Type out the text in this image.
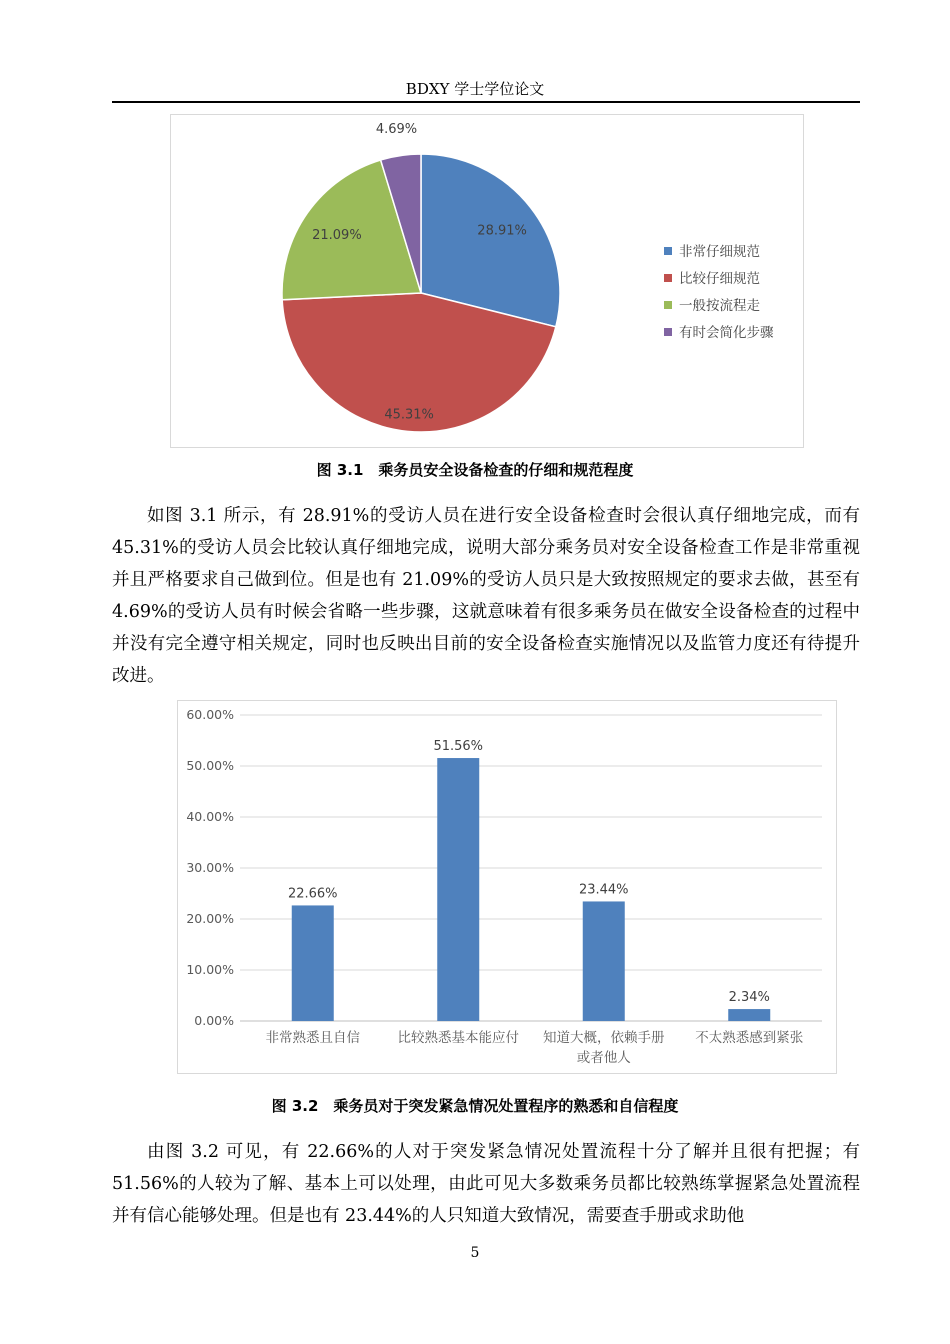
BDXY 学士学位论文
28.91%
45.31%
21.09%
4.69%
非常仔细规范
比较仔细规范
一般按流程走
有时会简化步骤
图 3.1　乘务员安全设备检查的仔细和规范程度

如图 3.1 所示，有 28.91%的受访人员在进行安全设备检查时会很认真仔细地完成，而有 45.31%的受访人员会比较认真仔细地完成，说明大部分乘务员对安全设备检查工作是非常重视并且严格要求自己做到位。但是也有 21.09%的受访人员只是大致按照规定的要求去做，甚至有 4.69%的受访人员有时候会省略一些步骤，这就意味着有很多乘务员在做安全设备检查的过程中并没有完全遵守相关规定，同时也反映出目前的安全设备检查实施情况以及监管力度还有待提升改进。

0.00%
10.00%
20.00%
30.00%
40.00%
50.00%
60.00%
22.66%
非常熟悉且自信
51.56%
比较熟悉基本能应付
23.44%
知道大概，依赖手册
或者他人
2.34%
不太熟悉感到紧张
图 3.2　乘务员对于突发紧急情况处置程序的熟悉和自信程度

由图 3.2 可见，有 22.66%的人对于突发紧急情况处置流程十分了解并且很有把握；有 51.56%的人较为了解、基本上可以处理，由此可见大多数乘务员都比较熟练掌握紧急处置流程并有信心能够处理。但是也有 23.44%的人只知道大致情况，需要查手册或求助他

5
